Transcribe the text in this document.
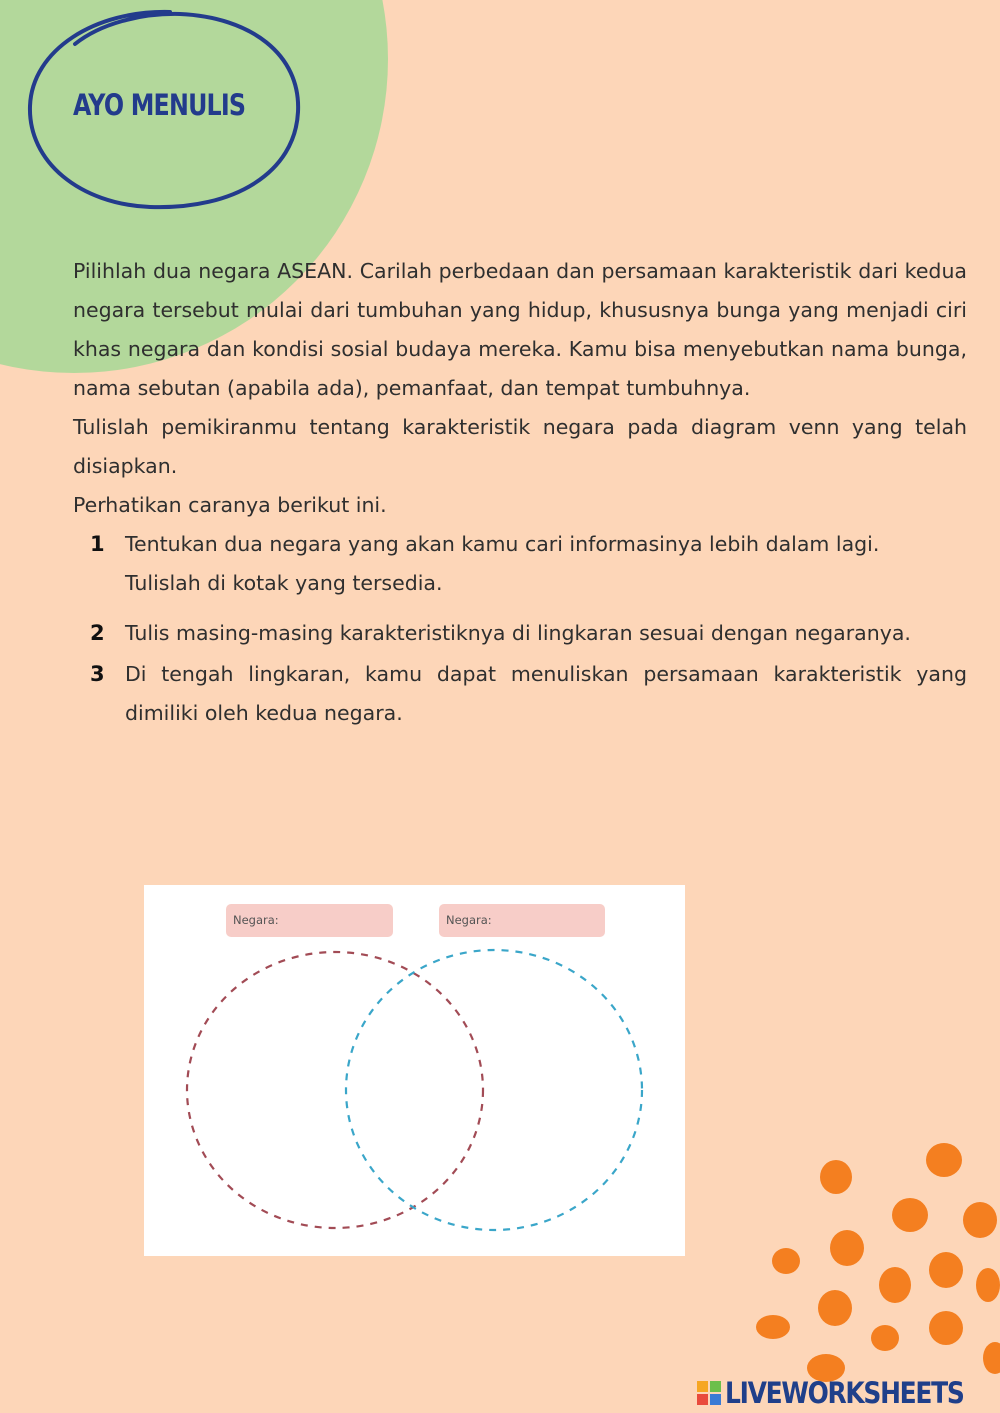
AYO MENULIS

Pilihlah dua negara ASEAN. Carilah perbedaan dan persamaan karakteristik dari kedua negara tersebut mulai dari tumbuhan yang hidup, khususnya bunga yang menjadi ciri khas negara dan kondisi sosial budaya mereka. Kamu bisa menyebutkan nama bunga, nama sebutan (apabila ada), pemanfaat, dan tempat tumbuhnya.

Tulislah pemikiranmu tentang karakteristik negara pada diagram venn yang telah disiapkan.

Perhatikan caranya berikut ini.

1 Tentukan dua negara yang akan kamu cari informasinya lebih dalam lagi.

Tulislah di kotak yang tersedia.

2 Tulis masing-masing karakteristiknya di lingkaran sesuai dengan negaranya.

3 Di tengah lingkaran, kamu dapat menuliskan persamaan karakteristik yang dimiliki oleh kedua negara.

Negara:	Negara:
LIVEWORKSHEETS
